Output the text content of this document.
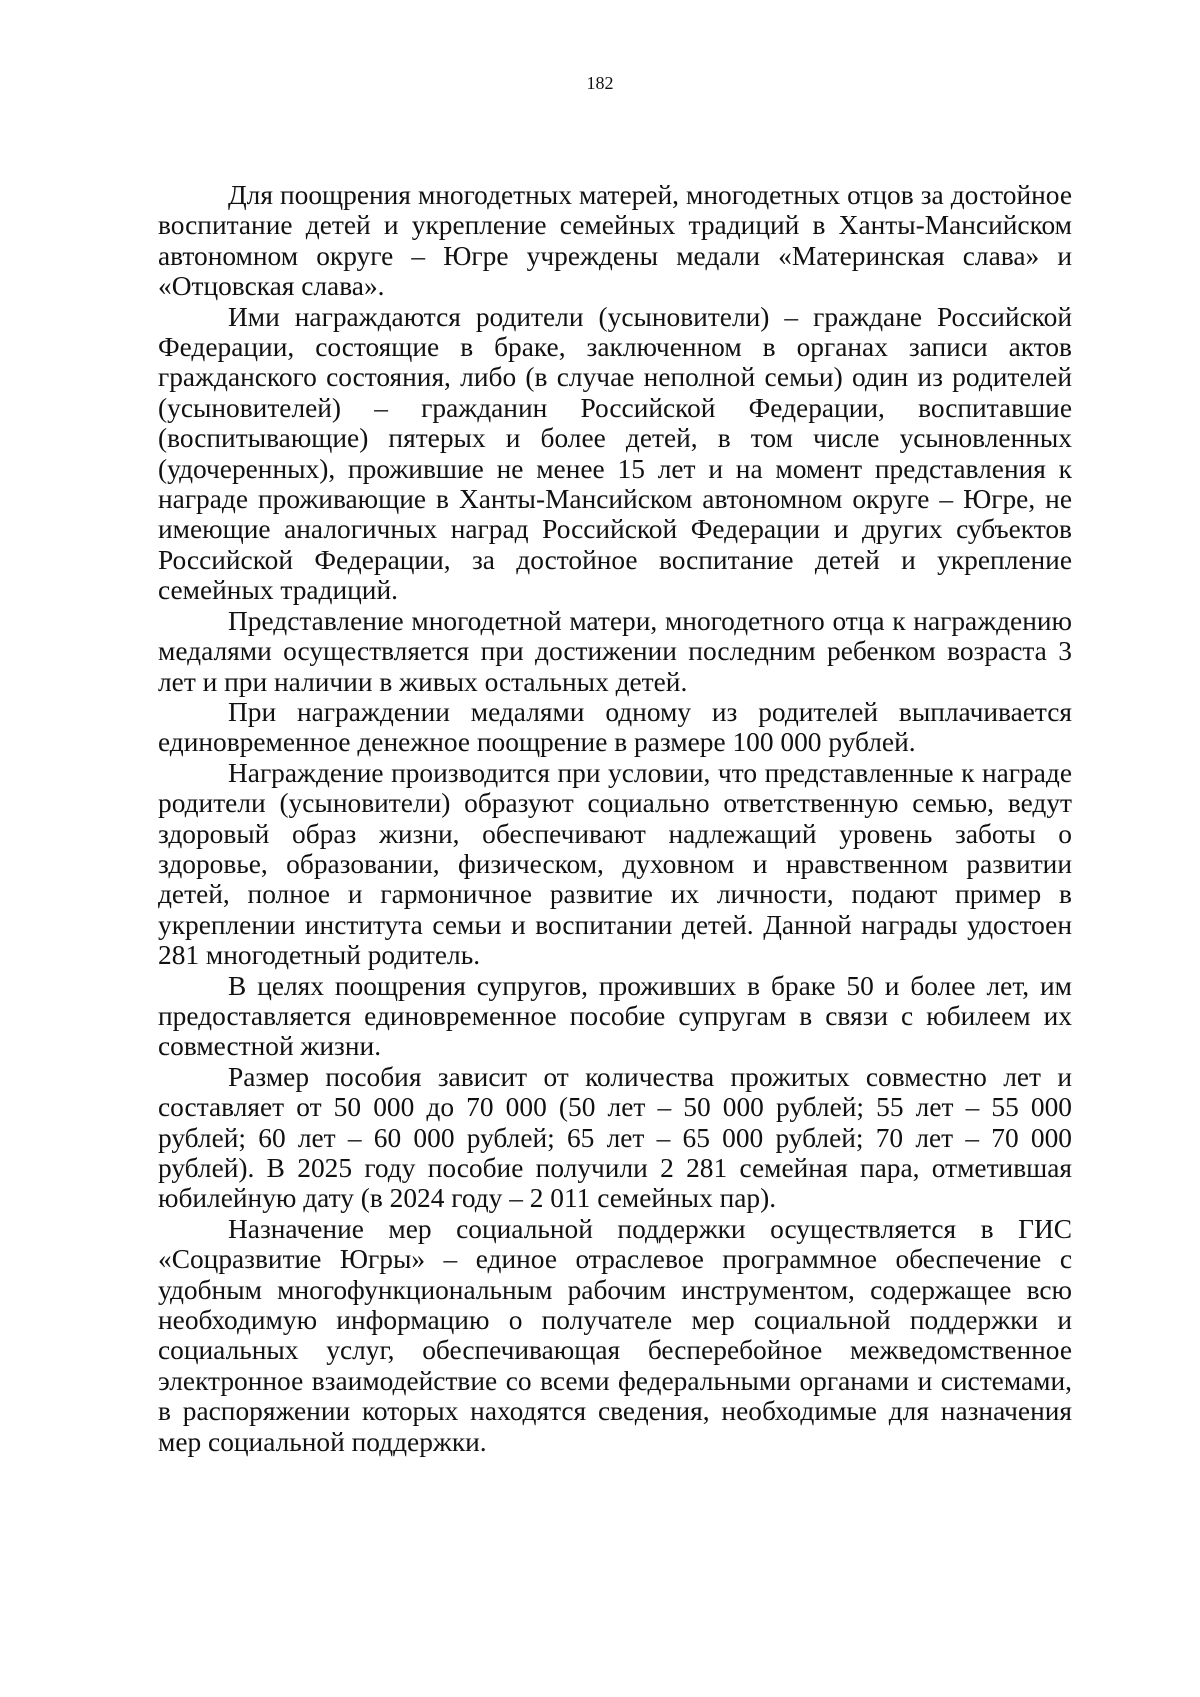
182

Для поощрения многодетных матерей, многодетных отцов за достойное воспитание детей и укрепление семейных традиций в Ханты-Мансийском автономном округе – Югре учреждены медали «Материнская слава» и «Отцовская слава».

Ими награждаются родители (усыновители) – граждане Российской Федерации, состоящие в браке, заключенном в органах записи актов гражданского состояния, либо (в случае неполной семьи) один из родителей (усыновителей) – гражданин Российской Федерации, воспитавшие (воспитывающие) пятерых и более детей, в том числе усыновленных (удочеренных), прожившие не менее 15 лет и на момент представления к награде проживающие в Ханты-Мансийском автономном округе – Югре, не имеющие аналогичных наград Российской Федерации и других субъектов Российской Федерации, за достойное воспитание детей и укрепление семейных традиций.

Представление многодетной матери, многодетного отца к награждению медалями осуществляется при достижении последним ребенком возраста 3 лет и при наличии в живых остальных детей.

При награждении медалями одному из родителей выплачивается единовременное денежное поощрение в размере 100 000 рублей.

Награждение производится при условии, что представленные к награде родители (усыновители) образуют социально ответственную семью, ведут здоровый образ жизни, обеспечивают надлежащий уровень заботы о здоровье, образовании, физическом, духовном и нравственном развитии детей, полное и гармоничное развитие их личности, подают пример в укреплении института семьи и воспитании детей. Данной награды удостоен 281 многодетный родитель.

В целях поощрения супругов, проживших в браке 50 и более лет, им предоставляется единовременное пособие супругам в связи с юбилеем их совместной жизни.

Размер пособия зависит от количества прожитых совместно лет и составляет от 50 000 до 70 000 (50 лет – 50 000 рублей; 55 лет – 55 000 рублей; 60 лет – 60 000 рублей; 65 лет – 65 000 рублей; 70 лет – 70 000 рублей). В 2025 году пособие получили 2 281 семейная пара, отметившая юбилейную дату (в 2024 году – 2 011 семейных пар).

Назначение мер социальной поддержки осуществляется в ГИС «Соцразвитие Югры» – единое отраслевое программное обеспечение с удобным многофункциональным рабочим инструментом, содержащее всю необходимую информацию о получателе мер социальной поддержки и социальных услуг, обеспечивающая бесперебойное межведомственное электронное взаимодействие со всеми федеральными органами и системами, в распоряжении которых находятся сведения, необходимые для назначения мер социальной поддержки.
